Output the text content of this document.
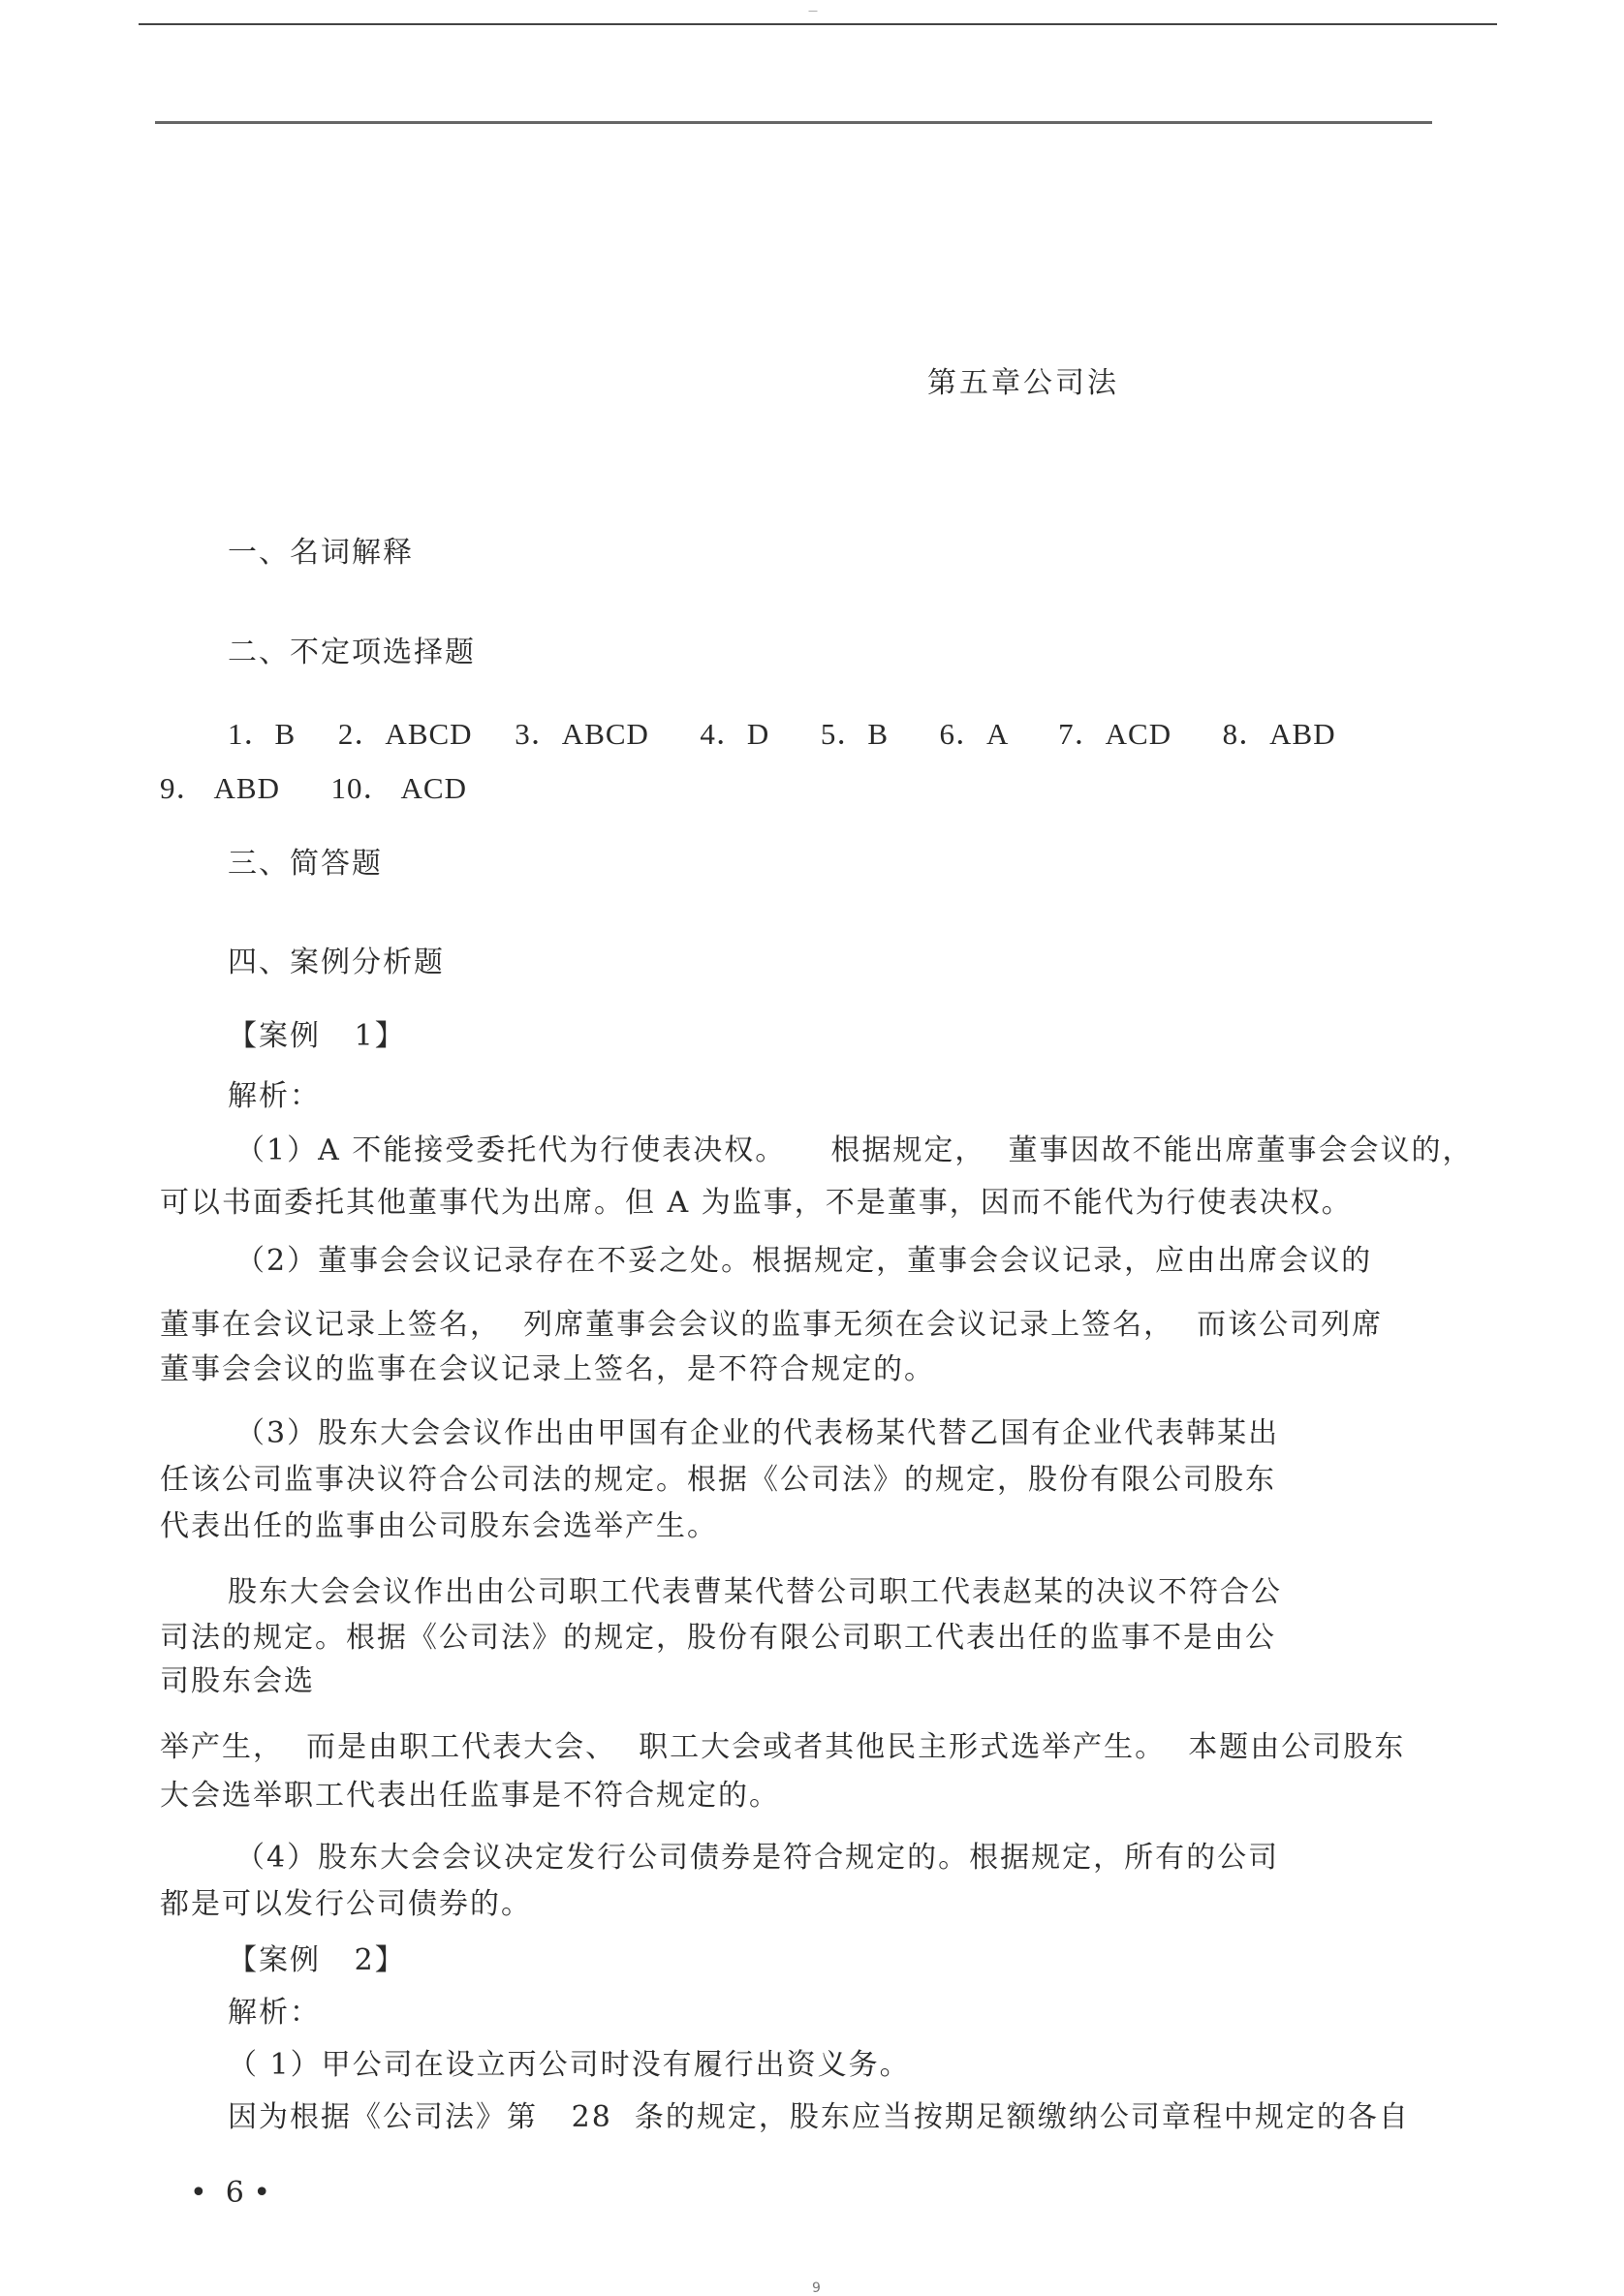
—
第五章公司法
一、名词解释
二、不定项选择题
1．B     2．ABCD     3．ABCD      4．D      5．B      6．A      7．ACD      8．ABD
9． ABD      10． ACD
三、简答题
四、案例分析题
【案例   1】
解析：
（1）A 不能接受委托代为行使表决权。    根据规定，  董事因故不能出席董事会会议的，
可以书面委托其他董事代为出席。但 A 为监事，不是董事，因而不能代为行使表决权。
（2）董事会会议记录存在不妥之处。根据规定，董事会会议记录，应由出席会议的
董事在会议记录上签名，  列席董事会会议的监事无须在会议记录上签名，  而该公司列席
董事会会议的监事在会议记录上签名，是不符合规定的。
（3）股东大会会议作出由甲国有企业的代表杨某代替乙国有企业代表韩某出
任该公司监事决议符合公司法的规定。根据《公司法》的规定，股份有限公司股东
代表出任的监事由公司股东会选举产生。
股东大会会议作出由公司职工代表曹某代替公司职工代表赵某的决议不符合公
司法的规定。根据《公司法》的规定，股份有限公司职工代表出任的监事不是由公
司股东会选
举产生，  而是由职工代表大会、  职工大会或者其他民主形式选举产生。  本题由公司股东
大会选举职工代表出任监事是不符合规定的。
（4）股东大会会议决定发行公司债券是符合规定的。根据规定，所有的公司
都是可以发行公司债券的。
【案例   2】
解析：
（ 1）甲公司在设立丙公司时没有履行出资义务。
因为根据《公司法》第   28  条的规定，股东应当按期足额缴纳公司章程中规定的各自
•  6 •
9
